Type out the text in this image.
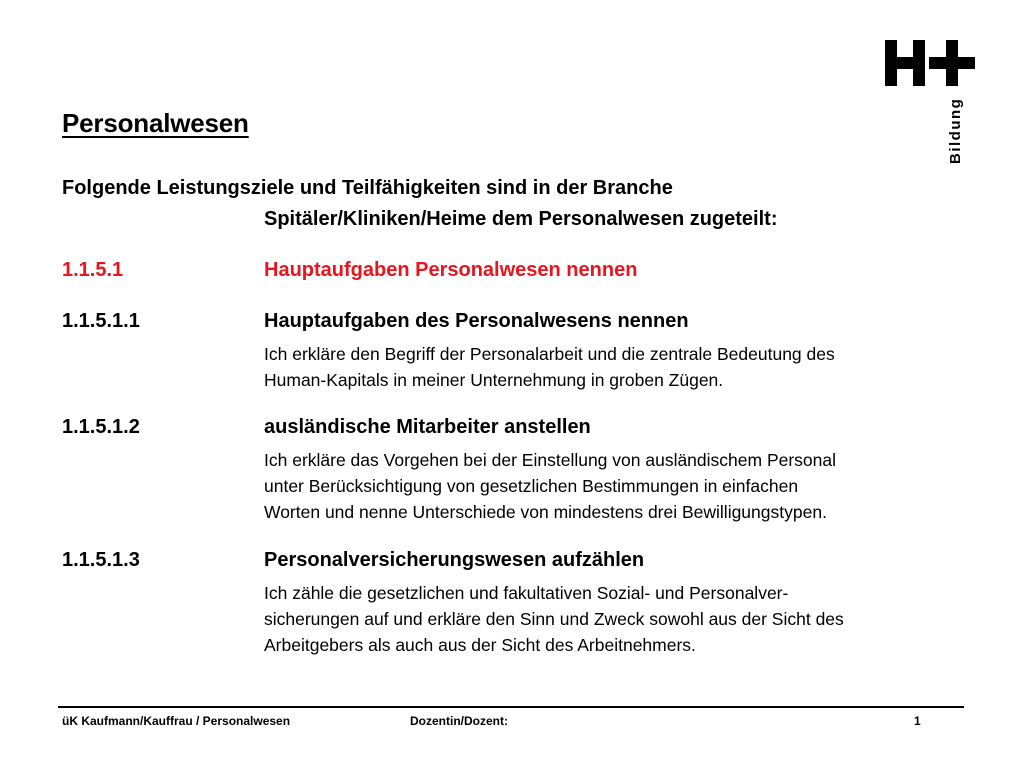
Bildung
Personalwesen
Folgende Leistungsziele und Teilfähigkeiten sind in der Branche
Spitäler/Kliniken/Heime dem Personalwesen zugeteilt:
1.1.5.1	Hauptaufgaben Personalwesen nennen
1.1.5.1.1	Hauptaufgaben des Personalwesens nennen
Ich erkläre den Begriff der Personalarbeit und die zentrale Bedeutung des
Human-Kapitals in meiner Unternehmung in groben Zügen.
1.1.5.1.2	ausländische Mitarbeiter anstellen
Ich erkläre das Vorgehen bei der Einstellung von ausländischem Personal
unter Berücksichtigung von gesetzlichen Bestimmungen in einfachen
Worten und nenne Unterschiede von mindestens drei Bewilligungstypen.
1.1.5.1.3	Personalversicherungswesen aufzählen
Ich zähle die gesetzlichen und fakultativen Sozial- und Personalver-
sicherungen auf und erkläre den Sinn und Zweck sowohl aus der Sicht des
Arbeitgebers als auch aus der Sicht des Arbeitnehmers.
üK Kaufmann/Kauffrau / Personalwesen	Dozentin/Dozent:	1
